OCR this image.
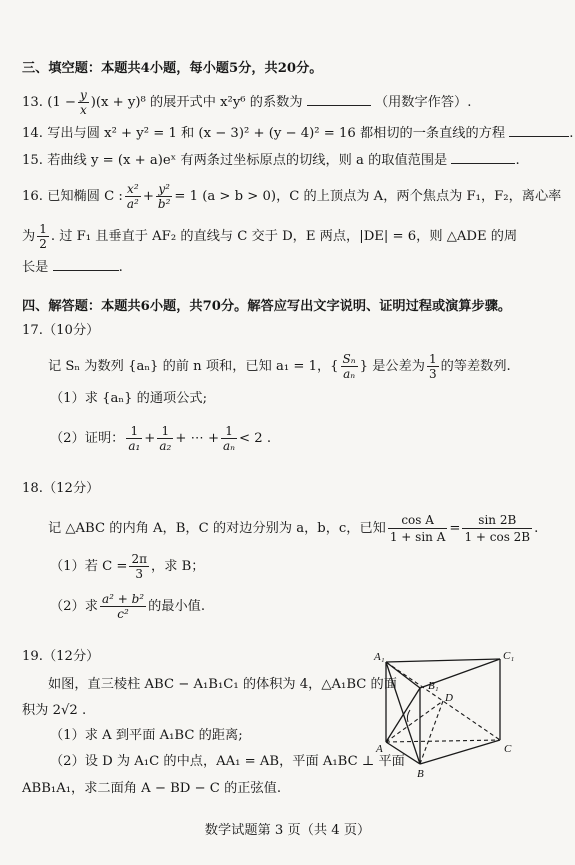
三、填空题：本题共4小题，每小题5分，共20分。
13. $(1 - \frac{y}{x} )(x + y)^8$ 的展开式中 x²y⁶ 的系数为	（用数字作答）.
14. 写出与圆 x² + y² = 1 和 (x − 3)² + (y − 4)² = 16 都相切的一条直线的方程	.
15. 若曲线 y = (x + a)eˣ 有两条过坐标原点的切线，则 a 的取值范围是	.
16. 已知椭圆 C : $\frac{\text{x²}}{\text{a²}} + \frac{\text{y²}}{\text{b²}} = 1$ (a > b > 0)，C 的上顶点为 A，两个焦点为 F₁，F₂，离心率
为 $\frac{1}{2}$ . 过 F₁ 且垂直于 AF₂ 的直线与 C 交于 D，E 两点，|DE| = 6，则 △ADE 的周
长是	.
四、解答题：本题共6小题，共70分。解答应写出文字说明、证明过程或演算步骤。
17.（10分）
记 Sₙ 为数列 {aₙ} 的前 n 项和，已知 a₁ = 1，{ $\frac{\text{Sₙ}}{\text{aₙ}}$ } 是公差为 $\frac{1}{3}$ 的等差数列.
（1）求 {aₙ} 的通项公式;
（2）证明： $\frac{1}{\text{a₁}} + \frac{1}{\text{a₂}}$ + ⋯ + $\frac{1}{\text{aₙ}} < 2$ .
18.（12分）
记 △ABC 的内角 A，B，C 的对边分别为 a，b，c，已知 $\frac{\text{cos A}}{\text{1 + sin A}} = \frac{\sin 2B}{1 + \cos 2B}$ .
（1）若 $C = \frac{2\pi}{3}$ ，求 B；
（2）求 $\frac{\text{a² + b²}}{\text{c²}}$ 的最小值.
19.（12分）
如图，直三棱柱 ABC − A₁B₁C₁ 的体积为 4，△A₁BC 的面
积为 2√2 .
（1）求 A 到平面 A₁BC 的距离;
（2）设 D 为 A₁C 的中点，AA₁ = AB，平面 A₁BC ⊥ 平面
ABB₁A₁，求二面角 A − BD − C 的正弦值.
A₁	C₁
B₁
D
A	C
B
数学试题第 3 页（共 4 页）
